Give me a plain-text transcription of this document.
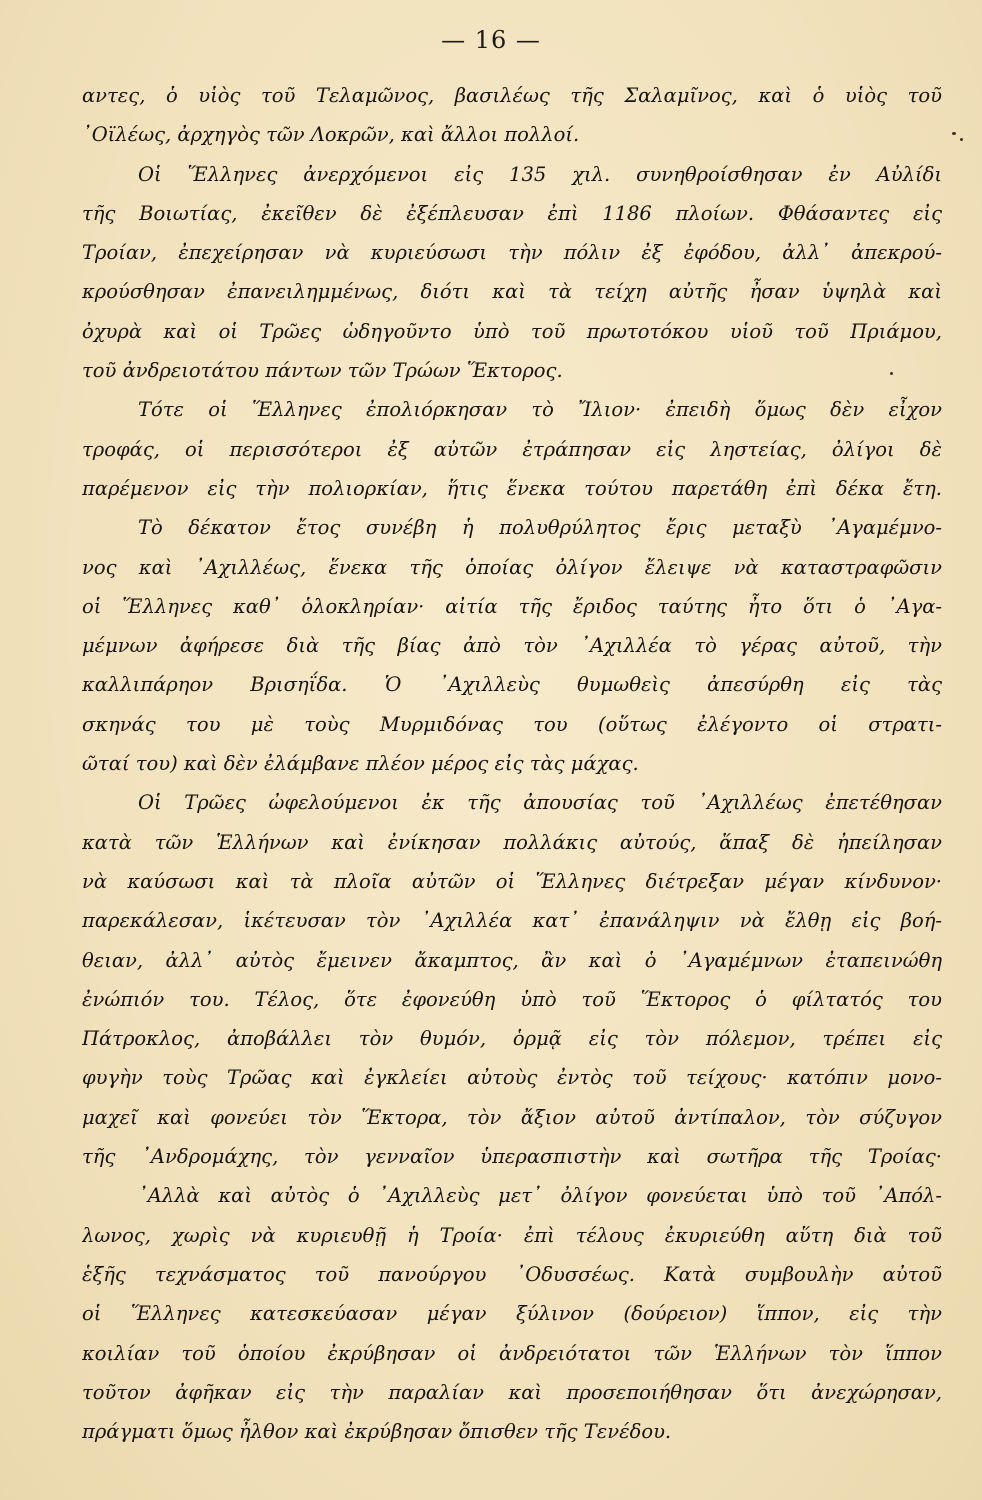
— 16 —
αντες, ὁ υἱὸς τοῦ Τελαμῶνος, βασιλέως τῆς Σαλαμῖνος, καὶ ὁ υἱὸς τοῦ
᾿Οϊλέως, ἀρχηγὸς τῶν Λοκρῶν, καὶ ἄλλοι πολλοί.
Οἱ Ἕλληνες ἀνερχόμενοι εἰς 135 χιλ. συνηθροίσθησαν ἐν Αὐλίδι
τῆς Βοιωτίας, ἐκεῖθεν δὲ ἐξέπλευσαν ἐπὶ 1186 πλοίων. Φθάσαντες εἰς
Τροίαν, ἐπεχείρησαν νὰ κυριεύσωσι τὴν πόλιν ἐξ ἐφόδου, ἀλλ᾿ ἀπεκρού-
κρούσθησαν ἐπανειλημμένως, διότι καὶ τὰ τείχη αὐτῆς ἦσαν ὑψηλὰ καὶ
ὀχυρὰ καὶ οἱ Τρῶες ὡδηγοῦντο ὑπὸ τοῦ πρωτοτόκου υἱοῦ τοῦ Πριάμου,
τοῦ ἀνδρειοτάτου πάντων τῶν Τρώων Ἕκτορος.
Τότε οἱ Ἕλληνες ἐπολιόρκησαν τὸ Ἴλιον· ἐπειδὴ ὅμως δὲν εἶχον
τροφάς, οἱ περισσότεροι ἐξ αὐτῶν ἐτράπησαν εἰς ληστείας, ὀλίγοι δὲ
παρέμενον εἰς τὴν πολιορκίαν, ἥτις ἕνεκα τούτου παρετάθη ἐπὶ δέκα ἔτη.
Τὸ δέκατον ἔτος συνέβη ἡ πολυθρύλητος ἔρις μεταξὺ ᾿Αγαμέμνο-
νος καὶ ᾿Αχιλλέως, ἕνεκα τῆς ὁποίας ὀλίγον ἔλειψε νὰ καταστραφῶσιν
οἱ Ἕλληνες καθ᾿ ὁλοκληρίαν· αἰτία τῆς ἔριδος ταύτης ἦτο ὅτι ὁ ᾿Αγα-
μέμνων ἀφήρεσε διὰ τῆς βίας ἀπὸ τὸν ᾿Αχιλλέα τὸ γέρας αὐτοῦ, τὴν
καλλιπάρηον Βρισηΐδα. Ὁ ᾿Αχιλλεὺς θυμωθεὶς ἀπεσύρθη εἰς τὰς
σκηνάς του μὲ τοὺς Μυρμιδόνας του (οὕτως ἐλέγοντο οἱ στρατι-
ῶταί του) καὶ δὲν ἐλάμβανε πλέον μέρος εἰς τὰς μάχας.
Οἱ Τρῶες ὠφελούμενοι ἐκ τῆς ἀπουσίας τοῦ ᾿Αχιλλέως ἐπετέθησαν
κατὰ τῶν Ἑλλήνων καὶ ἐνίκησαν πολλάκις αὐτούς, ἅπαξ δὲ ἠπείλησαν
νὰ καύσωσι καὶ τὰ πλοῖα αὐτῶν οἱ Ἕλληνες διέτρεξαν μέγαν κίνδυνον·
παρεκάλεσαν, ἱκέτευσαν τὸν ᾿Αχιλλέα κατ᾿ ἐπανάληψιν νὰ ἔλθῃ εἰς βοή-
θειαν, ἀλλ᾿ αὐτὸς ἔμεινεν ἄκαμπτος, ἂν καὶ ὁ ᾿Αγαμέμνων ἐταπεινώθη
ἐνώπιόν του. Τέλος, ὅτε ἐφονεύθη ὑπὸ τοῦ Ἕκτορος ὁ φίλτατός του
Πάτροκλος, ἀποβάλλει τὸν θυμόν, ὁρμᾷ εἰς τὸν πόλεμον, τρέπει εἰς
φυγὴν τοὺς Τρῶας καὶ ἐγκλείει αὐτοὺς ἐντὸς τοῦ τείχους· κατόπιν μονο-
μαχεῖ καὶ φονεύει τὸν Ἕκτορα, τὸν ἄξιον αὐτοῦ ἀντίπαλον, τὸν σύζυγον
τῆς ᾿Ανδρομάχης, τὸν γενναῖον ὑπερασπιστὴν καὶ σωτῆρα τῆς Τροίας·
᾿Αλλὰ καὶ αὐτὸς ὁ ᾿Αχιλλεὺς μετ᾿ ὀλίγον φονεύεται ὑπὸ τοῦ ᾿Απόλ-
λωνος, χωρὶς νὰ κυριευθῇ ἡ Τροία· ἐπὶ τέλους ἐκυριεύθη αὕτη διὰ τοῦ
ἑξῆς τεχνάσματος τοῦ πανούργου ᾿Οδυσσέως. Κατὰ συμβουλὴν αὐτοῦ
οἱ Ἕλληνες κατεσκεύασαν μέγαν ξύλινον (δούρειον) ἵππον, εἰς τὴν
κοιλίαν τοῦ ὁποίου ἐκρύβησαν οἱ ἀνδρειότατοι τῶν Ἑλλήνων τὸν ἵππον
τοῦτον ἀφῆκαν εἰς τὴν παραλίαν καὶ προσεποιήθησαν ὅτι ἀνεχώρησαν,
πράγματι ὅμως ἦλθον καὶ ἐκρύβησαν ὄπισθεν τῆς Τενέδου.
